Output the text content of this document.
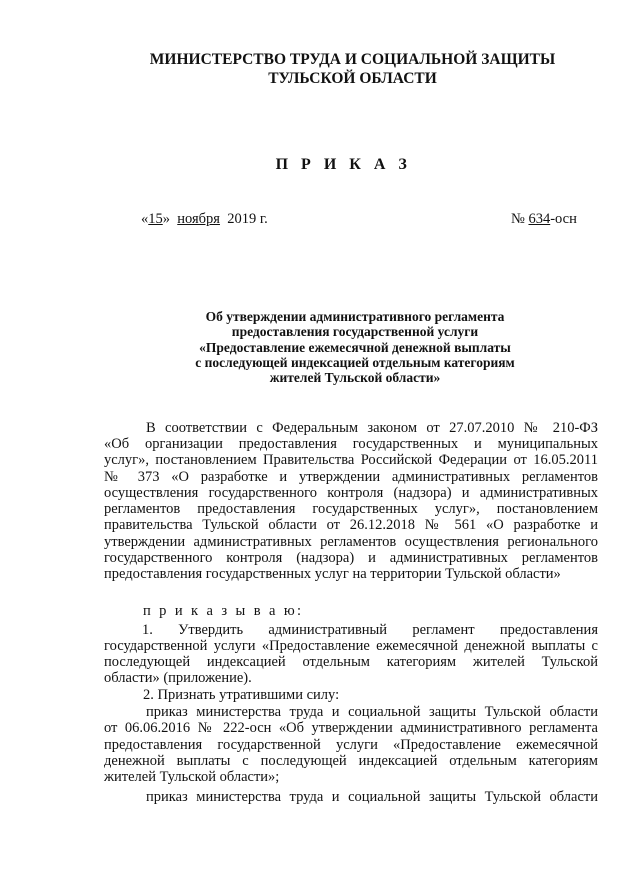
МИНИСТЕРСТВО ТРУДА И СОЦИАЛЬНОЙ ЗАЩИТЫ
ТУЛЬСКОЙ ОБЛАСТИ
П Р И К А З
«15» ноября 2019 г.	№ 634-осн
Об утверждении административного регламента
предоставления государственной услуги
«Предоставление ежемесячной денежной выплаты
с последующей индексацией отдельным категориям
жителей Тульской области»
В соответствии с Федеральным законом от 27.07.2010 № 210-ФЗ
«Об организации предоставления государственных и муниципальных
услуг», постановлением Правительства Российской Федерации от 16.05.2011
№ 373 «О разработке и утверждении административных регламентов
осуществления государственного контроля (надзора) и административных
регламентов предоставления государственных услуг», постановлением
правительства Тульской области от 26.12.2018 № 561 «О разработке и
утверждении административных регламентов осуществления регионального
государственного контроля (надзора) и административных регламентов
предоставления государственных услуг на территории Тульской области»
п р и к а з ы в а ю:
1. Утвердить административный регламент предоставления
государственной услуги «Предоставление ежемесячной денежной выплаты с
последующей индексацией отдельным категориям жителей Тульской
области» (приложение).
2. Признать утратившими силу:
приказ министерства труда и социальной защиты Тульской области
от 06.06.2016 № 222-осн «Об утверждении административного регламента
предоставления государственной услуги «Предоставление ежемесячной
денежной выплаты с последующей индексацией отдельным категориям
жителей Тульской области»;
приказ министерства труда и социальной защиты Тульской области
